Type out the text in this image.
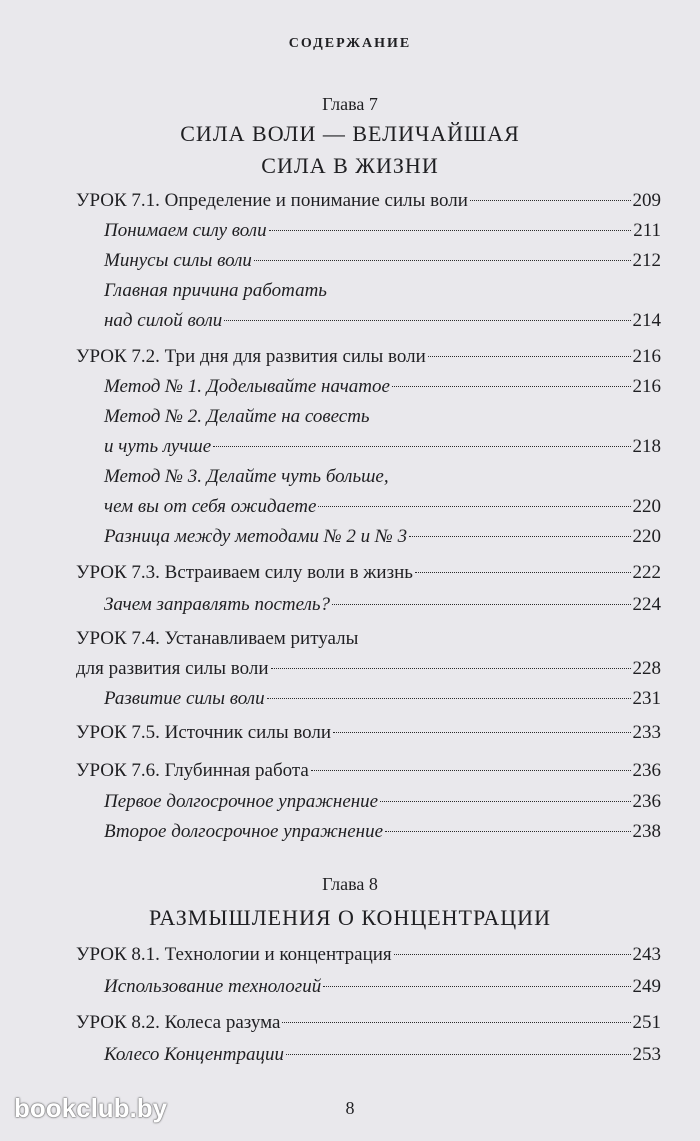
СОДЕРЖАНИЕ
Глава 7
СИЛА ВОЛИ — ВЕЛИЧАЙШАЯ
СИЛА В ЖИЗНИ
УРОК 7.1. Определение и понимание силы воли	209
Понимаем силу воли	211
Минусы силы воли	212
Главная причина работать
над силой воли	214
УРОК 7.2. Три дня для развития силы воли	216
Метод № 1. Доделывайте начатое	216
Метод № 2. Делайте на совесть
и чуть лучше	218
Метод № 3. Делайте чуть больше,
чем вы от себя ожидаете	220
Разница между методами № 2 и № 3	220
УРОК 7.3. Встраиваем силу воли в жизнь	222
Зачем заправлять постель?	224
УРОК 7.4. Устанавливаем ритуалы
для развития силы воли	228
Развитие силы воли	231
УРОК 7.5. Источник силы воли	233
УРОК 7.6. Глубинная работа	236
Первое долгосрочное упражнение	236
Второе долгосрочное упражнение	238
Глава 8
РАЗМЫШЛЕНИЯ О КОНЦЕНТРАЦИИ
УРОК 8.1. Технологии и концентрация	243
Использование технологий	249
УРОК 8.2. Колеса разума	251
Колесо Концентрации	253
8
bookclub.by
